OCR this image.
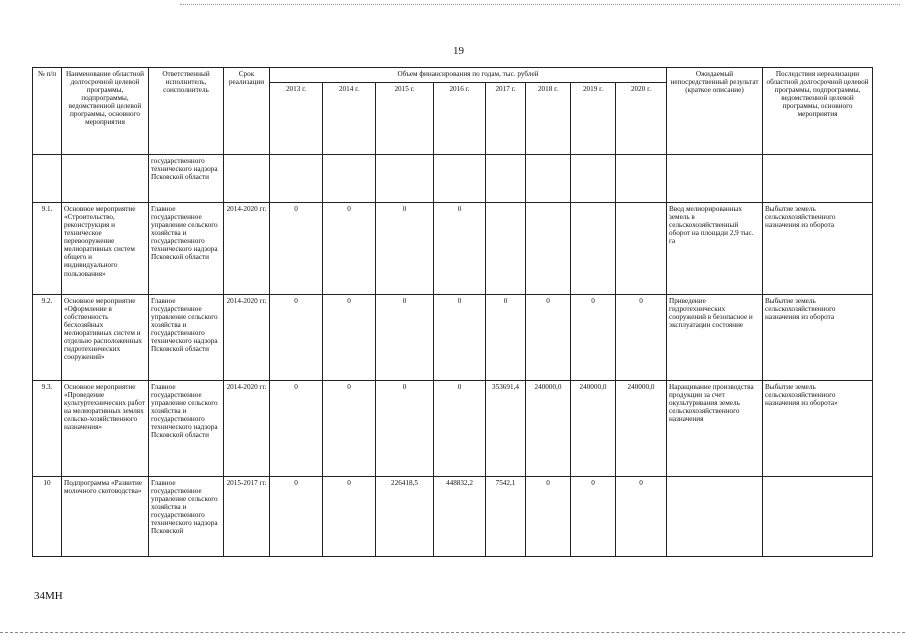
19
№ п/п	Наименование областной долгосрочной целевой программы, подпрограммы, ведомственной целевой программы, основного мероприятия	Ответственный исполнитель, соисполнитель	Срок реализации	Объем финансирования по годам, тыс. рублей								Ожидаемый непосредственный результат (краткое описание)	Последствия нереализации областной долгосрочной целевой программы, подпрограммы, ведомственной целевой программы, основного мероприятия
				2013 г.	2014 г.	2015 г.	2016 г.	2017 г.	2018 г.	2019 г.	2020 г.		
		государственного технического надзора Псковской области											
9.1.	Основное мероприятие «Строительство, реконструкция и техническое перевооружение мелиоративных систем общего и индивидуального пользования»	Главное государственное управление сельского хозяйства и государственного технического надзора Псковской области	2014-2020 гг.	0	0	0	0					Ввод мелиорированных земель в сельскохозяйственный оборот на площади 2,9 тыс. га	Выбытие земель сельскохозяйственного назначения из оборота
9.2.	Основное мероприятие «Оформление в собственность бесхозяйных мелиоративных систем и отдельно расположенных гидротехнических сооружений»	Главное государственное управление сельского хозяйства и государственного технического надзора Псковской области	2014-2020 гг.	0	0	0	0	0	0	0	0	Приведение гидротехнических сооружений в безопасное и эксплуатации состояние	Выбытие земель сельскохозяйственного назначения из оборота
9.3.	Основное мероприятие «Проведение культуртехнических работ на мелиоративных землях сельско-хозяйственного назначения»	Главное государственное управление сельского хозяйства и государственного технического надзора Псковской области	2014-2020 гг.	0	0	0	0	353691,4	240000,0	240000,0	240000,0	Наращивание производства продукции за счет окультуривания земель сельскохозяйственного назначения	Выбытие земель сельскохозяйственного назначения из оборота»
10	Подпрограмма «Развитие молочного скотоводства»	Главное государственное управление сельского хозяйства и государственного технического надзора Псковской	2015-2017 гг.	0	0	226418,5	448832,2	7542,1	0	0	0		
34МН
